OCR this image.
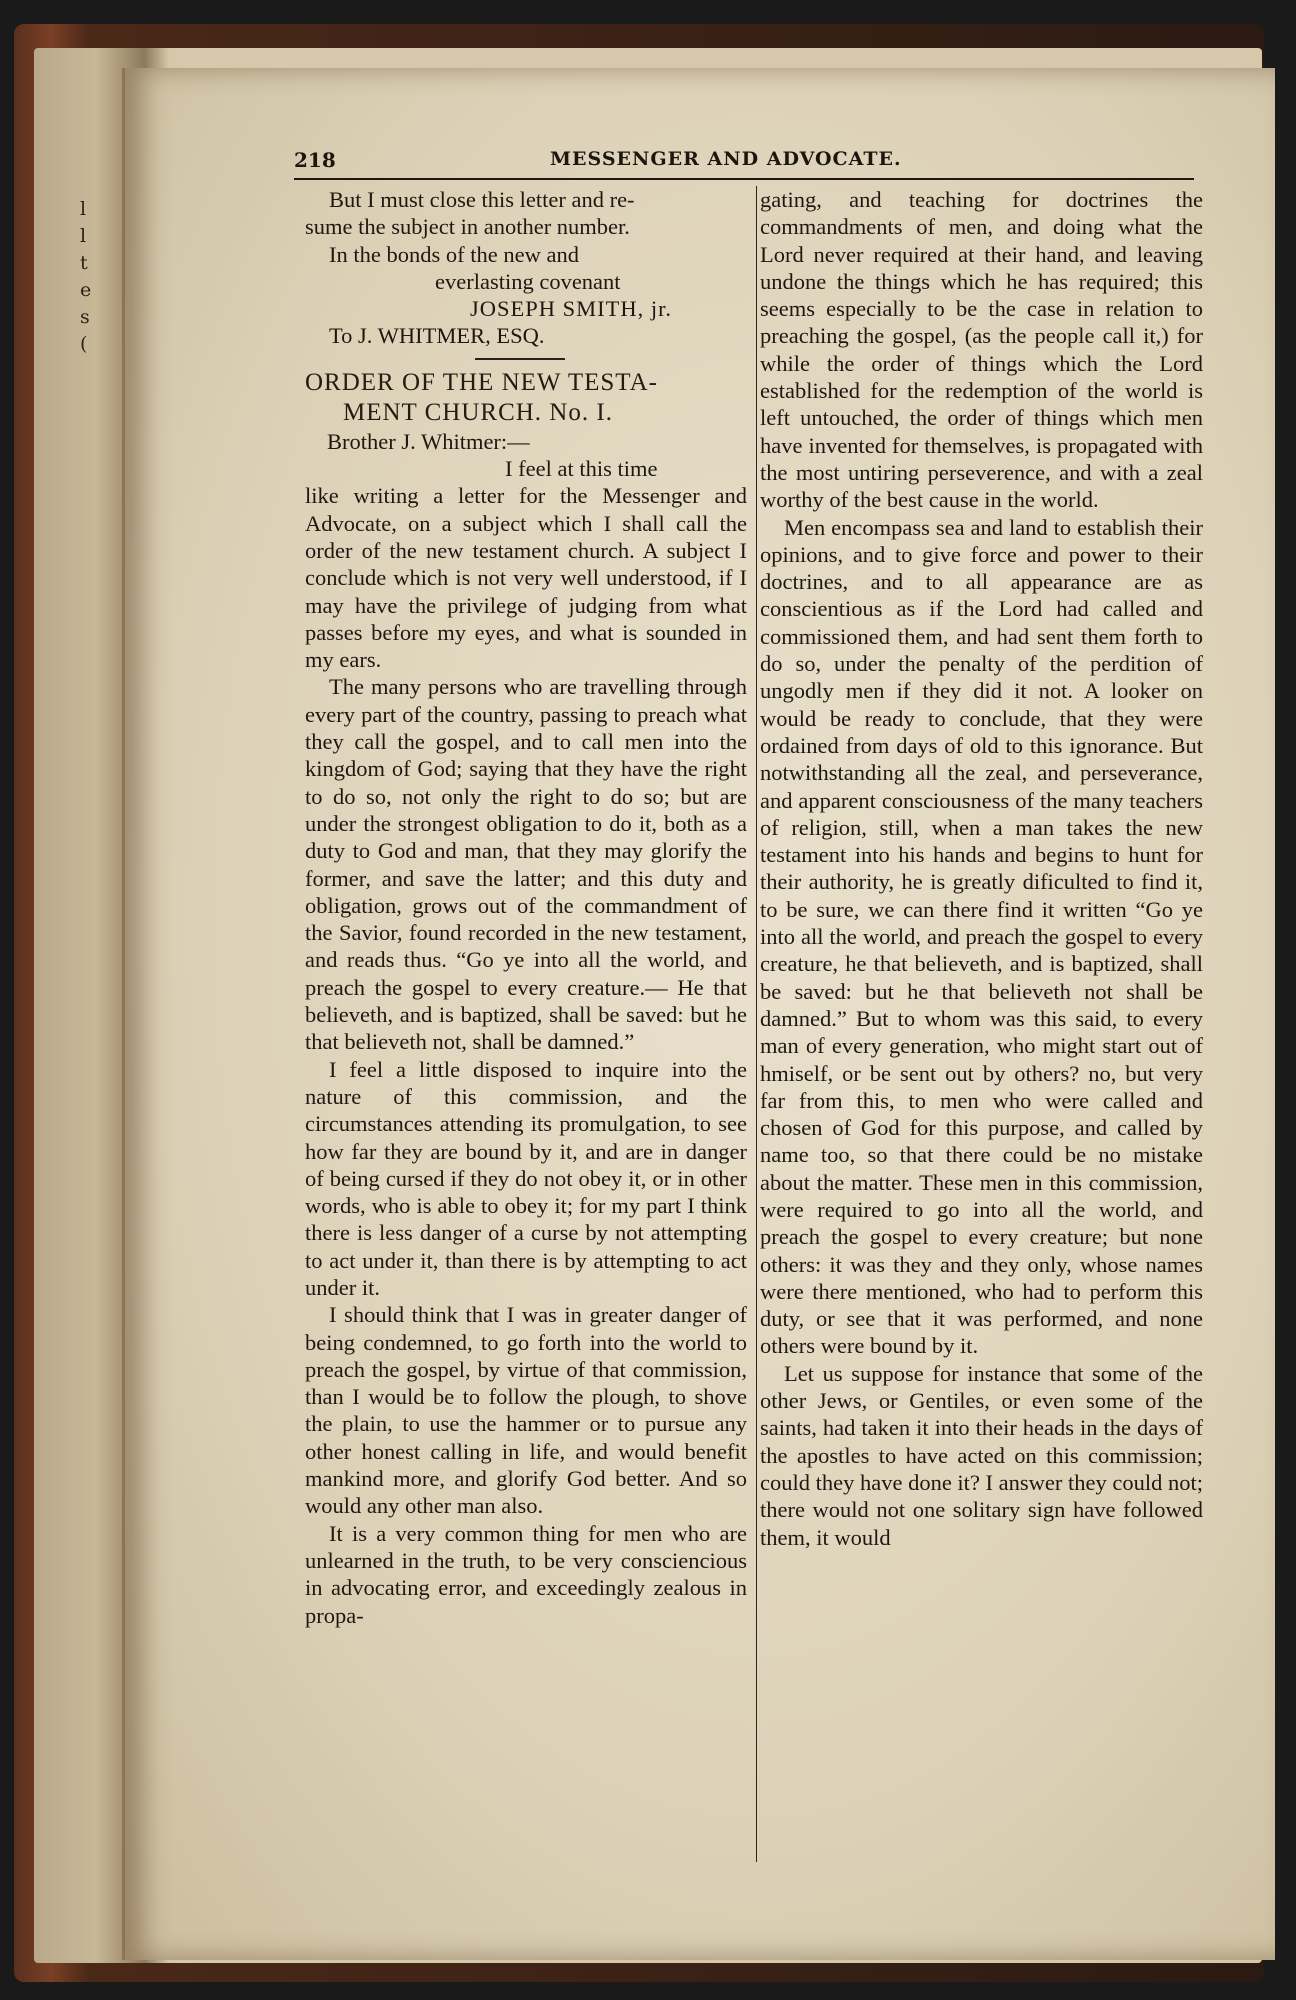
l
l
t
e
s
(
218	MESSENGER AND ADVOCATE.

But I must close this letter and re-

sume the subject in another number.

In the bonds of the new and

everlasting covenant

JOSEPH SMITH, jr.

To J. WHITMER, ESQ.

ORDER OF THE NEW TESTA-

MENT CHURCH. No. I.

Brother J. Whitmer:—

I feel at this time

like writing a letter for the Messenger and Advocate, on a subject which I shall call the order of the new testament church. A subject I conclude which is not very well understood, if I may have the privilege of judging from what passes before my eyes, and what is sounded in my ears.

The many persons who are travelling through every part of the country, passing to preach what they call the gospel, and to call men into the kingdom of God; saying that they have the right to do so, not only the right to do so; but are under the strongest obligation to do it, both as a duty to God and man, that they may glorify the former, and save the latter; and this duty and obligation, grows out of the commandment of the Savior, found recorded in the new testament, and reads thus. “Go ye into all the world, and preach the gospel to every creature.— He that believeth, and is baptized, shall be saved: but he that believeth not, shall be damned.”

I feel a little disposed to inquire into the nature of this commission, and the circumstances attending its promulgation, to see how far they are bound by it, and are in danger of being cursed if they do not obey it, or in other words, who is able to obey it; for my part I think there is less danger of a curse by not attempting to act under it, than there is by attempting to act under it.

I should think that I was in greater danger of being condemned, to go forth into the world to preach the gospel, by virtue of that commission, than I would be to follow the plough, to shove the plain, to use the hammer or to pursue any other honest calling in life, and would benefit mankind more, and glorify God better. And so would any other man also.

It is a very common thing for men who are unlearned in the truth, to be very consciencious in advocating error, and exceedingly zealous in propa-

gating, and teaching for doctrines the commandments of men, and doing what the Lord never required at their hand, and leaving undone the things which he has required; this seems especially to be the case in relation to preaching the gospel, (as the people call it,) for while the order of things which the Lord established for the redemption of the world is left untouched, the order of things which men have invented for themselves, is propagated with the most untiring perseverence, and with a zeal worthy of the best cause in the world.

Men encompass sea and land to establish their opinions, and to give force and power to their doctrines, and to all appearance are as conscientious as if the Lord had called and commissioned them, and had sent them forth to do so, under the penalty of the perdition of ungodly men if they did it not. A looker on would be ready to conclude, that they were ordained from days of old to this ignorance. But notwithstanding all the zeal, and perseverance, and apparent consciousness of the many teachers of religion, still, when a man takes the new testament into his hands and begins to hunt for their authority, he is greatly dificulted to find it, to be sure, we can there find it written “Go ye into all the world, and preach the gospel to every creature, he that believeth, and is baptized, shall be saved: but he that believeth not shall be damned.” But to whom was this said, to every man of every generation, who might start out of hmiself, or be sent out by others? no, but very far from this, to men who were called and chosen of God for this purpose, and called by name too, so that there could be no mistake about the matter. These men in this commission, were required to go into all the world, and preach the gospel to every creature; but none others: it was they and they only, whose names were there mentioned, who had to perform this duty, or see that it was performed, and none others were bound by it.

Let us suppose for instance that some of the other Jews, or Gentiles, or even some of the saints, had taken it into their heads in the days of the apostles to have acted on this commission; could they have done it? I answer they could not; there would not one solitary sign have followed them, it would
